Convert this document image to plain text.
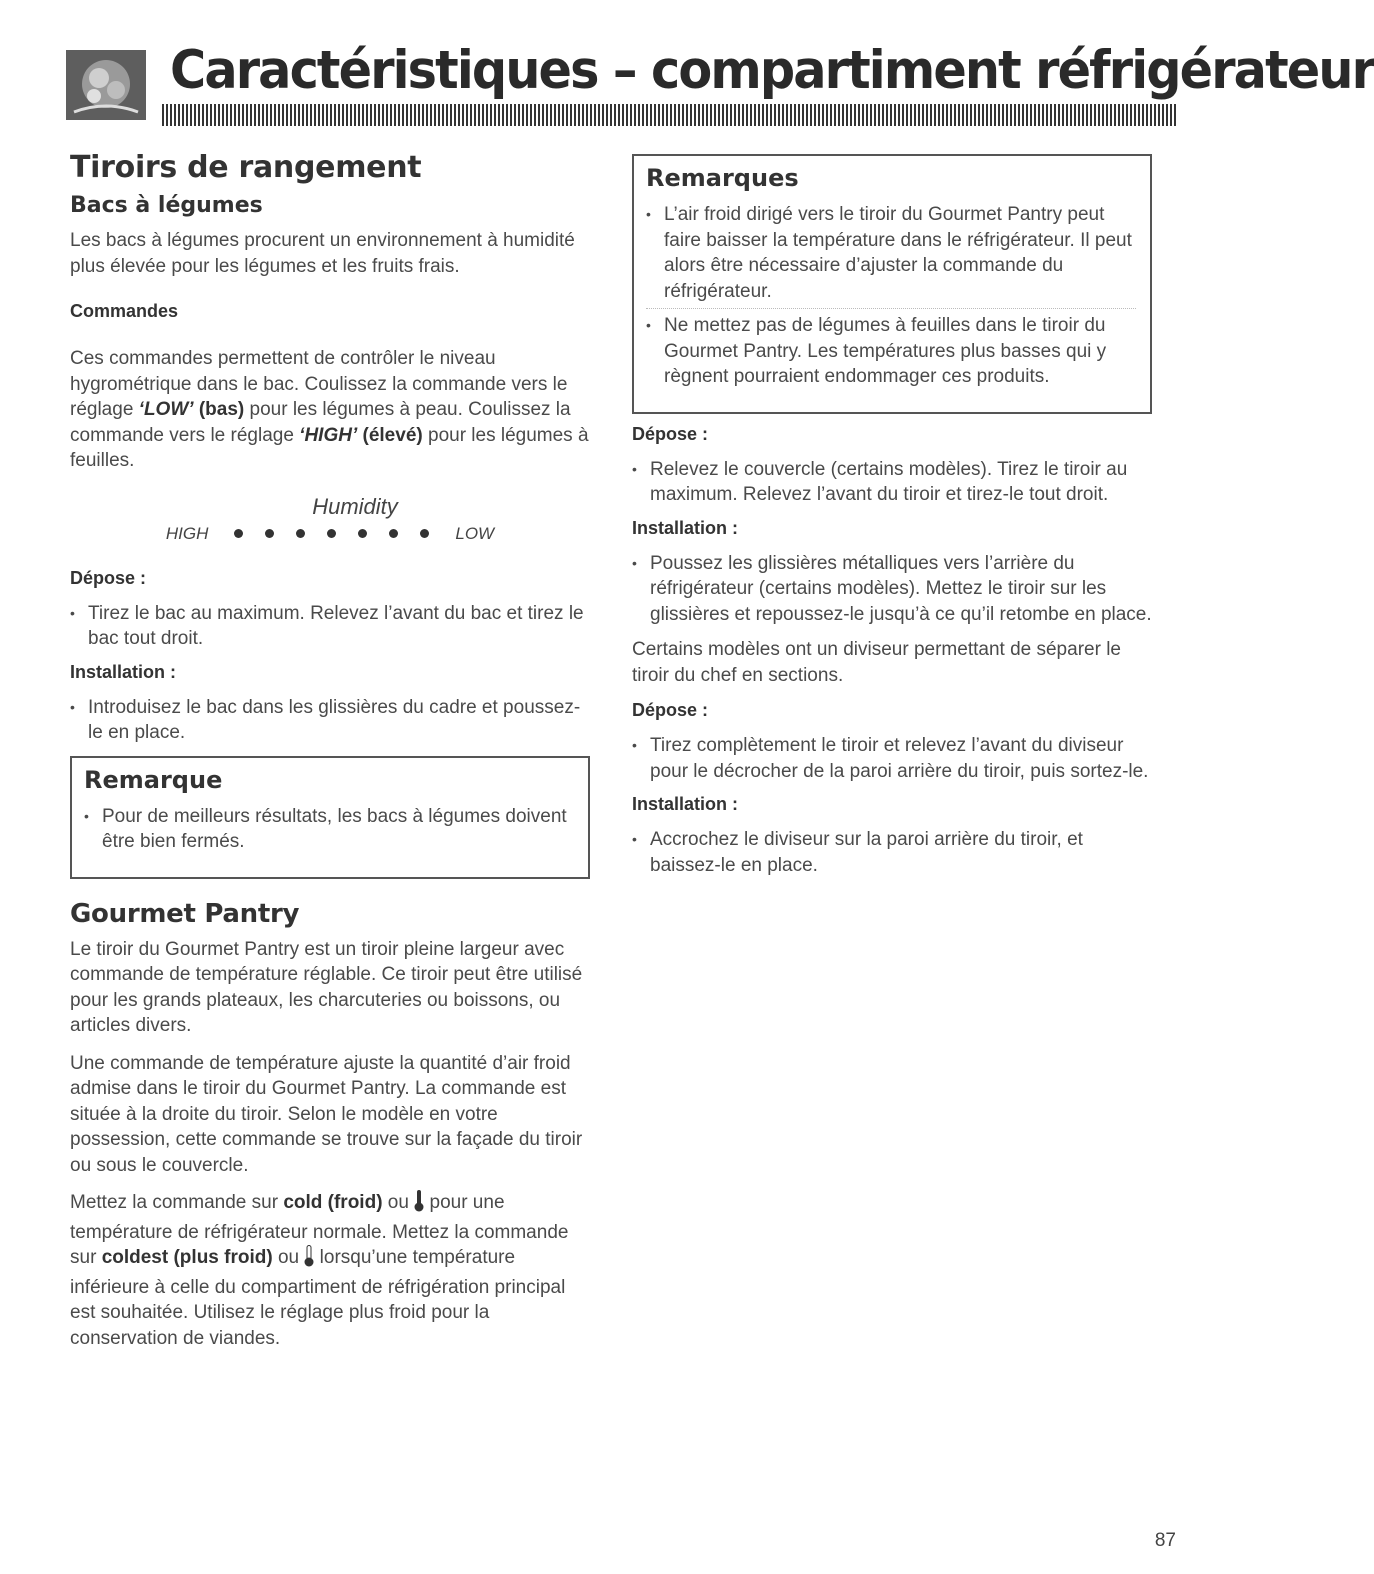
Caractéristiques – compartiment réfrigérateur
Tiroirs de rangement
Bacs à légumes

Les bacs à légumes procurent un environnement à humidité plus élevée pour les légumes et les fruits frais.

Commandes

Ces commandes permettent de contrôler le niveau hygrométrique dans le bac. Coulissez la commande vers le réglage ‘LOW’ (bas) pour les légumes à peau. Coulissez la commande vers le réglage ‘HIGH’ (élevé) pour les légumes à feuilles.

Humidity
HIGH	LOW
Dépose :
• Tirez le bac au maximum. Relevez l’avant du bac et tirez le bac tout droit.
Installation :
• Introduisez le bac dans les glissières du cadre et poussez-le en place.
Remarque
• Pour de meilleurs résultats, les bacs à légumes doivent être bien fermés.
Gourmet Pantry

Le tiroir du Gourmet Pantry est un tiroir pleine largeur avec commande de température réglable. Ce tiroir peut être utilisé pour les grands plateaux, les charcuteries ou boissons, ou articles divers.

Une commande de température ajuste la quantité d’air froid admise dans le tiroir du Gourmet Pantry. La commande est située à la droite du tiroir. Selon le modèle en votre possession, cette commande se trouve sur la façade du tiroir ou sous le couvercle.

Mettez la commande sur cold (froid) ou  pour une température de réfrigérateur normale. Mettez la commande sur coldest (plus froid) ou  lorsqu’une température inférieure à celle du compartiment de réfrigération principal est souhaitée. Utilisez le réglage plus froid pour la conservation de viandes.

Remarques
• L’air froid dirigé vers le tiroir du Gourmet Pantry peut faire baisser la température dans le réfrigérateur. Il peut alors être nécessaire d’ajuster la commande du réfrigérateur.
• Ne mettez pas de légumes à feuilles dans le tiroir du Gourmet Pantry. Les températures plus basses qui y règnent pourraient endommager ces produits.
Dépose :
• Relevez le couvercle (certains modèles). Tirez le tiroir au maximum. Relevez l’avant du tiroir et tirez-le tout droit.
Installation :
• Poussez les glissières métalliques vers l’arrière du réfrigérateur (certains modèles). Mettez le tiroir sur les glissières et repoussez-le jusqu’à ce qu’il retombe en place.

Certains modèles ont un diviseur permettant de séparer le tiroir du chef en sections.

Dépose :
• Tirez complètement le tiroir et relevez l’avant du diviseur pour le décrocher de la paroi arrière du tiroir, puis sortez-le.
Installation :
• Accrochez le diviseur sur la paroi arrière du tiroir, et baissez-le en place.
87
